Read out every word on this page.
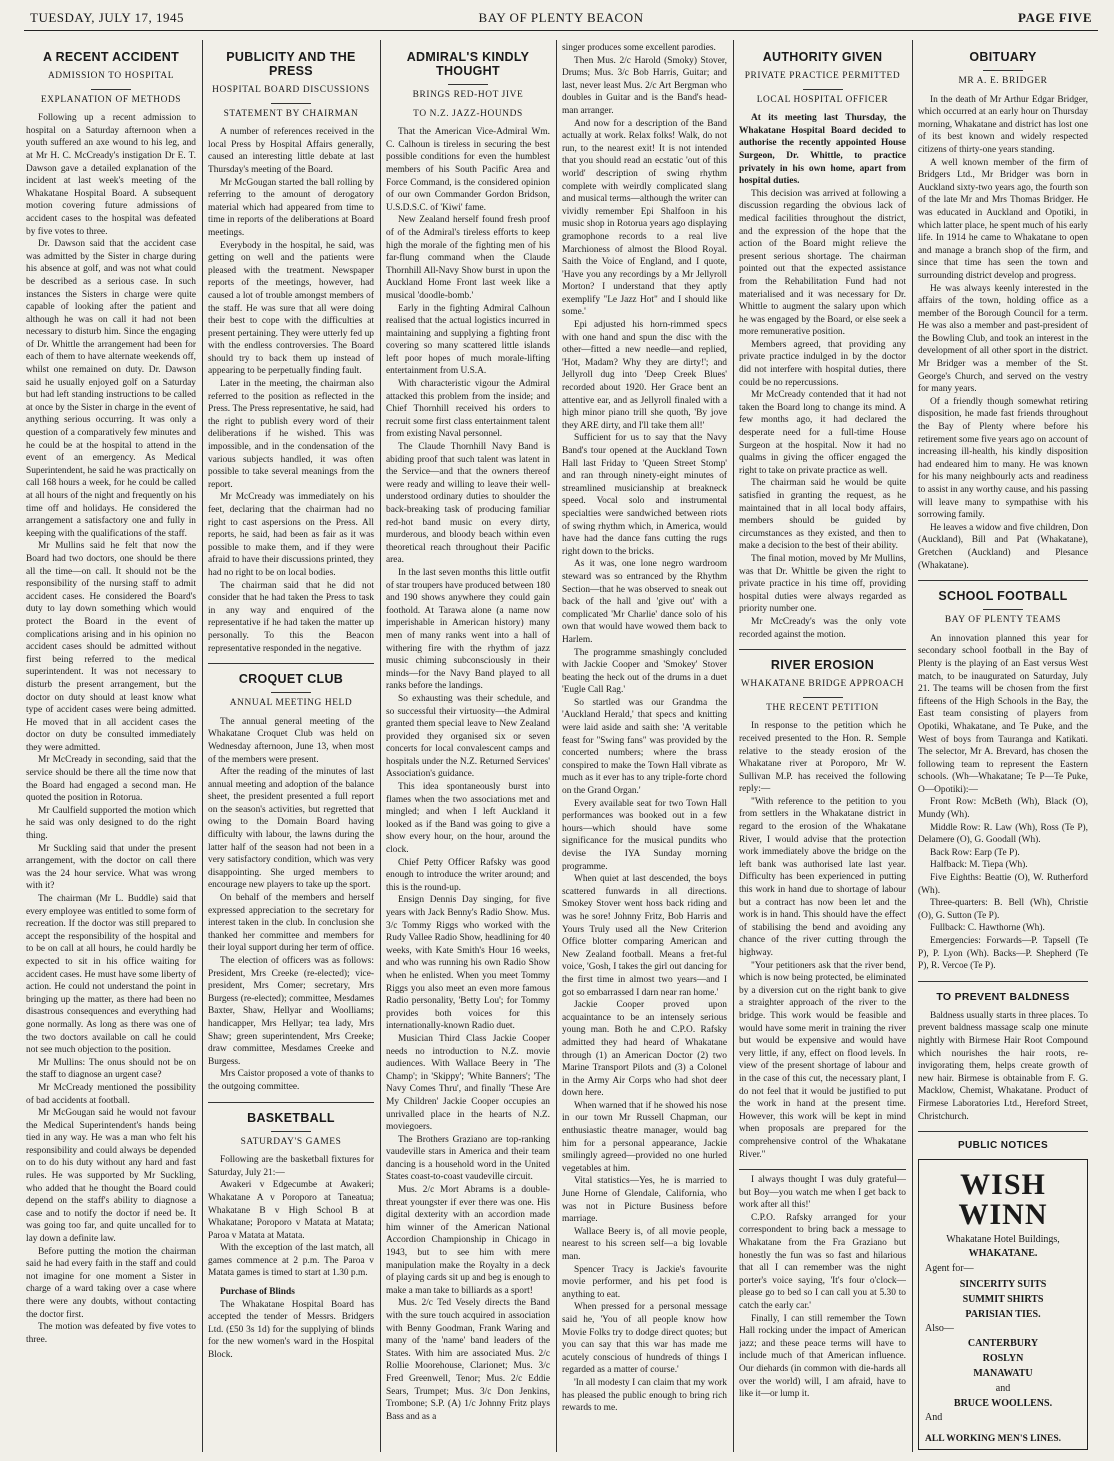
TUESDAY, JULY 17, 1945	BAY OF PLENTY BEACON	PAGE FIVE
A RECENT ACCIDENT
ADMISSION TO HOSPITAL
EXPLANATION OF METHODS

Following up a recent admission to hospital on a Saturday afternoon when a youth suffered an axe wound to his leg, and at Mr H. C. McCready's instigation Dr E. T. Dawson gave a detailed explanation of the incident at last week's meeting of the Whakatane Hospital Board. A subsequent motion covering future admissions of accident cases to the hospital was defeated by five votes to three.

Dr. Dawson said that the accident case was admitted by the Sister in charge during his absence at golf, and was not what could be described as a serious case. In such instances the Sisters in charge were quite capable of looking after the patient and although he was on call it had not been necessary to disturb him. Since the engaging of Dr. Whittle the arrangement had been for each of them to have alternate weekends off, whilst one remained on duty. Dr. Dawson said he usually enjoyed golf on a Saturday but had left standing instructions to be called at once by the Sister in charge in the event of anything serious occurring. It was only a question of a comparatively few minutes and he could be at the hospital to attend in the event of an emergency. As Medical Superintendent, he said he was practically on call 168 hours a week, for he could be called at all hours of the night and frequently on his time off and holidays. He considered the arrangement a satisfactory one and fully in keeping with the qualifications of the staff.

Mr Mullins said he felt that now the Board had two doctors, one should be there all the time—on call. It should not be the responsibility of the nursing staff to admit accident cases. He considered the Board's duty to lay down something which would protect the Board in the event of complications arising and in his opinion no accident cases should be admitted without first being referred to the medical superintendent. It was not necessary to disturb the present arrangement, but the doctor on duty should at least know what type of accident cases were being admitted. He moved that in all accident cases the doctor on duty be consulted immediately they were admitted.

Mr McCready in seconding, said that the service should be there all the time now that the Board had engaged a second man. He quoted the position in Rotorua.

Mr Caulfield supported the motion which he said was only designed to do the right thing.

Mr Suckling said that under the present arrangement, with the doctor on call there was the 24 hour service. What was wrong with it?

The chairman (Mr L. Buddle) said that every employee was entitled to some form of recreation. If the doctor was still prepared to accept the responsibility of the hospital and to be on call at all hours, he could hardly be expected to sit in his office waiting for accident cases. He must have some liberty of action. He could not understand the point in bringing up the matter, as there had been no disastrous consequences and everything had gone normally. As long as there was one of the two doctors available on call he could not see much objection to the position.

Mr Mullins: The onus should not be on the staff to diagnose an urgent case?

Mr McCready mentioned the possibility of bad accidents at football.

Mr McGougan said he would not favour the Medical Superintendent's hands being tied in any way. He was a man who felt his responsibility and could always be depended on to do his duty without any hard and fast rules. He was supported by Mr Suckling, who added that he thought the Board could depend on the staff's ability to diagnose a case and to notify the doctor if need be. It was going too far, and quite uncalled for to lay down a definite law.

Before putting the motion the chairman said he had every faith in the staff and could not imagine for one moment a Sister in charge of a ward taking over a case where there were any doubts, without contacting the doctor first.

The motion was defeated by five votes to three.

PUBLICITY AND THE PRESS
HOSPITAL BOARD DISCUSSIONS
STATEMENT BY CHAIRMAN

A number of references received in the local Press by Hospital Affairs generally, caused an interesting little debate at last Thursday's meeting of the Board.

Mr McGougan started the ball rolling by referring to the amount of derogatory material which had appeared from time to time in reports of the deliberations at Board meetings.

Everybody in the hospital, he said, was getting on well and the patients were pleased with the treatment. Newspaper reports of the meetings, however, had caused a lot of trouble amongst members of the staff. He was sure that all were doing their best to cope with the difficulties at present pertaining. They were utterly fed up with the endless controversies. The Board should try to back them up instead of appearing to be perpetually finding fault.

Later in the meeting, the chairman also referred to the position as reflected in the Press. The Press representative, he said, had the right to publish every word of their deliberations if he wished. This was impossible, and in the condensation of the various subjects handled, it was often possible to take several meanings from the report.

Mr McCready was immediately on his feet, declaring that the chairman had no right to cast aspersions on the Press. All reports, he said, had been as fair as it was possible to make them, and if they were afraid to have their discussions printed, they had no right to be on local bodies.

The chairman said that he did not consider that he had taken the Press to task in any way and enquired of the representative if he had taken the matter up personally. To this the Beacon representative responded in the negative.

CROQUET CLUB
ANNUAL MEETING HELD

The annual general meeting of the Whakatane Croquet Club was held on Wednesday afternoon, June 13, when most of the members were present.

After the reading of the minutes of last annual meeting and adoption of the balance sheet, the president presented a full report on the season's activities, but regretted that owing to the Domain Board having difficulty with labour, the lawns during the latter half of the season had not been in a very satisfactory condition, which was very disappointing. She urged members to encourage new players to take up the sport.

On behalf of the members and herself expressed appreciation to the secretary for interest taken in the club. In conclusion she thanked her committee and members for their loyal support during her term of office.

The election of officers was as follows: President, Mrs Creeke (re-elected); vice-president, Mrs Comer; secretary, Mrs Burgess (re-elected); committee, Mesdames Baxter, Shaw, Hellyar and Woolliams; handicapper, Mrs Hellyar; tea lady, Mrs Shaw; green superintendent, Mrs Creeke; draw committee, Mesdames Creeke and Burgess.

Mrs Caistor proposed a vote of thanks to the outgoing committee.

BASKETBALL
SATURDAY'S GAMES

Following are the basketball fixtures for Saturday, July 21:—

Awakeri v Edgecumbe at Awakeri; Whakatane A v Poroporo at Taneatua; Whakatane B v High School B at Whakatane; Poroporo v Matata at Matata; Paroa v Matata at Matata.

With the exception of the last match, all games commence at 2 p.m. The Paroa v Matata games is timed to start at 1.30 p.m.

Purchase of Blinds

The Whakatane Hospital Board has accepted the tender of Messrs. Bridgers Ltd. (£50 3s 1d) for the supplying of blinds for the new women's ward in the Hospital Block.

ADMIRAL'S KINDLY THOUGHT
BRINGS RED-HOT JIVE
TO N.Z. JAZZ-HOUNDS

That the American Vice-Admiral Wm. C. Calhoun is tireless in securing the best possible conditions for even the humblest members of his South Pacific Area and Force Command, is the considered opinion of our own Commander Gordon Bridson, U.S.D.S.C. of 'Kiwi' fame.

New Zealand herself found fresh proof of of the Admiral's tireless efforts to keep high the morale of the fighting men of his far-flung command when the Claude Thornhill All-Navy Show burst in upon the Auckland Home Front last week like a musical 'doodle-bomb.'

Early in the fighting Admiral Calhoun realised that the actual logistics incurred in maintaining and supplying a fighting front covering so many scattered little islands left poor hopes of much morale-lifting entertainment from U.S.A.

With characteristic vigour the Admiral attacked this problem from the inside; and Chief Thornhill received his orders to recruit some first class entertainment talent from existing Naval personnel.

The Claude Thornhill Navy Band is abiding proof that such talent was latent in the Service—and that the owners thereof were ready and willing to leave their well-understood ordinary duties to shoulder the back-breaking task of producing familiar red-hot band music on every dirty, murderous, and bloody beach within even theoretical reach throughout their Pacific area.

In the last seven months this little outfit of star troupers have produced between 180 and 190 shows anywhere they could gain foothold. At Tarawa alone (a name now imperishable in American history) many men of many ranks went into a hall of withering fire with the rhythm of jazz music chiming subconsciously in their minds—for the Navy Band played to all ranks before the landings.

So exhausting was their schedule, and so successful their virtuosity—the Admiral granted them special leave to New Zealand provided they organised six or seven concerts for local convalescent camps and hospitals under the N.Z. Returned Services' Association's guidance.

This idea spontaneously burst into flames when the two associations met and mingled; and when I left Auckland it looked as if the Band was going to give a show every hour, on the hour, around the clock.

Chief Petty Officer Rafsky was good enough to introduce the writer around; and this is the round-up.

Ensign Dennis Day singing, for five years with Jack Benny's Radio Show. Mus. 3/c Tommy Riggs who worked with the Rudy Vallee Radio Show, headlining for 40 weeks, with Kate Smith's Hour 16 weeks, and who was running his own Radio Show when he enlisted. When you meet Tommy Riggs you also meet an even more famous Radio personality, 'Betty Lou'; for Tommy provides both voices for this internationally-known Radio duet.

Musician Third Class Jackie Cooper needs no introduction to N.Z. movie audiences. With Wallace Beery in 'The Champ'; in 'Skippy'; 'White Banners'; 'The Navy Comes Thru', and finally 'These Are My Children' Jackie Cooper occupies an unrivalled place in the hearts of N.Z. moviegoers.

The Brothers Graziano are top-ranking vaudeville stars in America and their team dancing is a household word in the United States coast-to-coast vaudeville circuit.

Mus. 2/c Mort Abrams is a double-threat youngster if ever there was one. His digital dexterity with an accordion made him winner of the American National Accordion Championship in Chicago in 1943, but to see him with mere manipulation make the Royalty in a deck of playing cards sit up and beg is enough to make a man take to billiards as a sport!

Mus. 2/c Ted Vesely directs the Band with the sure touch acquired in association with Benny Goodman, Frank Waring and many of the 'name' band leaders of the States. With him are associated Mus. 2/c Rollie Moorehouse, Clarionet; Mus. 3/c Fred Greenwell, Tenor; Mus. 2/c Eddie Sears, Trumpet; Mus. 3/c Don Jenkins, Trombone; S.P. (A) 1/c Johnny Fritz plays Bass and as a

singer produces some excellent parodies.

Then Mus. 2/c Harold (Smoky) Stover, Drums; Mus. 3/c Bob Harris, Guitar; and last, never least Mus. 2/c Art Bergman who doubles in Guitar and is the Band's head-man arranger.

And now for a description of the Band actually at work. Relax folks! Walk, do not run, to the nearest exit! It is not intended that you should read an ecstatic 'out of this world' description of swing rhythm complete with weirdly complicated slang and musical terms—although the writer can vividly remember Epi Shalfoon in his music shop in Rotorua years ago displaying gramophone records to a real live Marchioness of almost the Blood Royal. Saith the Voice of England, and I quote, 'Have you any recordings by a Mr Jellyroll Morton? I understand that they aptly exemplify "Le Jazz Hot" and I should like some.'

Epi adjusted his horn-rimmed specs with one hand and spun the disc with the other—fitted a new needle—and replied, 'Hot, Madam? Why they are dirty!'; and Jellyroll dug into 'Deep Creek Blues' recorded about 1920. Her Grace bent an attentive ear, and as Jellyroll finaled with a high minor piano trill she quoth, 'By jove they ARE dirty, and I'll take them all!'

Sufficient for us to say that the Navy Band's tour opened at the Auckland Town Hall last Friday to 'Queen Street Stomp' and ran through ninety-eight minutes of streamlined musicianship at breakneck speed. Vocal solo and instrumental specialties were sandwiched between riots of swing rhythm which, in America, would have had the dance fans cutting the rugs right down to the bricks.

As it was, one lone negro wardroom steward was so entranced by the Rhythm Section—that he was observed to sneak out back of the hall and 'give out' with a complicated 'Mr Charlie' dance solo of his own that would have wowed them back to Harlem.

The programme smashingly concluded with Jackie Cooper and 'Smokey' Stover beating the heck out of the drums in a duet 'Eugle Call Rag.'

So startled was our Grandma the 'Auckland Herald,' that specs and knitting were laid aside and saith she: 'A veritable feast for "Swing fans" was provided by the concerted numbers; where the brass conspired to make the Town Hall vibrate as much as it ever has to any triple-forte chord on the Grand Organ.'

Every available seat for two Town Hall performances was booked out in a few hours—which should have some significance for the musical pundits who devise the IYA Sunday morning programme.

When quiet at last descended, the boys scattered funwards in all directions. Smokey Stover went hoss back riding and was he sore! Johnny Fritz, Bob Harris and Yours Truly used all the New Criterion Office blotter comparing American and New Zealand football. Means a fret-ful voice, 'Gosh, I takes the girl out dancing for the first time in almost two years—and I got so embarrassed I darn near ran home.'

Jackie Cooper proved upon acquaintance to be an intensely serious young man. Both he and C.P.O. Rafsky admitted they had heard of Whakatane through (1) an American Doctor (2) two Marine Transport Pilots and (3) a Colonel in the Army Air Corps who had shot deer down here.

When warned that if he showed his nose in our town Mr Russell Chapman, our enthusiastic theatre manager, would bag him for a personal appearance, Jackie smilingly agreed—provided no one hurled vegetables at him.

Vital statistics—Yes, he is married to June Horne of Glendale, California, who was not in Picture Business before marriage.

Wallace Beery is, of all movie people, nearest to his screen self—a big lovable man.

Spencer Tracy is Jackie's favourite movie performer, and his pet food is anything to eat.

When pressed for a personal message said he, 'You of all people know how Movie Folks try to dodge direct quotes; but you can say that this war has made me acutely conscious of hundreds of things I regarded as a matter of course.'

'In all modesty I can claim that my work has pleased the public enough to bring rich rewards to me.

AUTHORITY GIVEN
PRIVATE PRACTICE PERMITTED
LOCAL HOSPITAL OFFICER

At its meeting last Thursday, the Whakatane Hospital Board decided to authorise the recently appointed House Surgeon, Dr. Whittle, to practice privately in his own home, apart from hospital duties.

This decision was arrived at following a discussion regarding the obvious lack of medical facilities throughout the district, and the expression of the hope that the action of the Board might relieve the present serious shortage. The chairman pointed out that the expected assistance from the Rehabilitation Fund had not materialised and it was necessary for Dr. Whittle to augment the salary upon which he was engaged by the Board, or else seek a more remunerative position.

Members agreed, that providing any private practice indulged in by the doctor did not interfere with hospital duties, there could be no repercussions.

Mr McCready contended that it had not taken the Board long to change its mind. A few months ago, it had declared the desperate need for a full-time House Surgeon at the hospital. Now it had no qualms in giving the officer engaged the right to take on private practice as well.

The chairman said he would be quite satisfied in granting the request, as he maintained that in all local body affairs, members should be guided by circumstances as they existed, and then to make a decision to the best of their ability.

The final motion, moved by Mr Mullins, was that Dr. Whittle be given the right to private practice in his time off, providing hospital duties were always regarded as priority number one.

Mr McCready's was the only vote recorded against the motion.

RIVER EROSION
WHAKATANE BRIDGE APPROACH
THE RECENT PETITION

In response to the petition which he received presented to the Hon. R. Semple relative to the steady erosion of the Whakatane river at Poroporo, Mr W. Sullivan M.P. has received the following reply:—

"With reference to the petition to you from settlers in the Whakatane district in regard to the erosion of the Whakatane River, I would advise that the protection work immediately above the bridge on the left bank was authorised late last year. Difficulty has been experienced in putting this work in hand due to shortage of labour but a contract has now been let and the work is in hand. This should have the effect of stabilising the bend and avoiding any chance of the river cutting through the highway.

"Your petitioners ask that the river bend, which is now being protected, be eliminated by a diversion cut on the right bank to give a straighter approach of the river to the bridge. This work would be feasible and would have some merit in training the river but would be expensive and would have very little, if any, effect on flood levels. In view of the present shortage of labour and in the case of this cut, the necessary plant, I do not feel that it would be justified to put the work in hand at the present time. However, this work will be kept in mind when proposals are prepared for the comprehensive control of the Whakatane River."

I always thought I was duly grateful—but Boy—you watch me when I get back to work after all this!'

C.P.O. Rafsky arranged for your correspondent to bring back a message to Whakatane from the Fra Graziano but honestly the fun was so fast and hilarious that all I can remember was the night porter's voice saying, 'It's four o'clock—please go to bed so I can call you at 5.30 to catch the early car.'

Finally, I can still remember the Town Hall rocking under the impact of American jazz; and these peace terms will have to include much of that American influence. Our diehards (in common with die-hards all over the world) will, I am afraid, have to like it—or lump it.

OBITUARY
MR A. E. BRIDGER

In the death of Mr Arthur Edgar Bridger, which occurred at an early hour on Thursday morning, Whakatane and district has lost one of its best known and widely respected citizens of thirty-one years standing.

A well known member of the firm of Bridgers Ltd., Mr Bridger was born in Auckland sixty-two years ago, the fourth son of the late Mr and Mrs Thomas Bridger. He was educated in Auckland and Opotiki, in which latter place, he spent much of his early life. In 1914 he came to Whakatane to open and manage a branch shop of the firm, and since that time has seen the town and surrounding district develop and progress.

He was always keenly interested in the affairs of the town, holding office as a member of the Borough Council for a term. He was also a member and past-president of the Bowling Club, and took an interest in the development of all other sport in the district. Mr Bridger was a member of the St. George's Church, and served on the vestry for many years.

Of a friendly though somewhat retiring disposition, he made fast friends throughout the Bay of Plenty where before his retirement some five years ago on account of increasing ill-health, his kindly disposition had endeared him to many. He was known for his many neighbourly acts and readiness to assist in any worthy cause, and his passing will leave many to sympathise with his sorrowing family.

He leaves a widow and five children, Don (Auckland), Bill and Pat (Whakatane), Gretchen (Auckland) and Plesance (Whakatane).

SCHOOL FOOTBALL
BAY OF PLENTY TEAMS

An innovation planned this year for secondary school football in the Bay of Plenty is the playing of an East versus West match, to be inaugurated on Saturday, July 21. The teams will be chosen from the first fifteens of the High Schools in the Bay, the East team consisting of players from Opotiki, Whakatane, and Te Puke, and the West of boys from Tauranga and Katikati. The selector, Mr A. Brevard, has chosen the following team to represent the Eastern schools. (Wh—Whakatane; Te P—Te Puke, O—Opotiki):—

Front Row: McBeth (Wh), Black (O), Mundy (Wh).

Middle Row: R. Law (Wh), Ross (Te P), Delamere (O), G. Goodall (Wh).

Back Row: Earp (Te P).

Halfback: M. Tiepa (Wh).

Five Eighths: Beattie (O), W. Rutherford (Wh).

Three-quarters: B. Bell (Wh), Christie (O), G. Sutton (Te P).

Fullback: C. Hawthorne (Wh).

Emergencies: Forwards—P. Tapsell (Te P), P. Lyon (Wh). Backs—P. Shepherd (Te P), R. Vercoe (Te P).

TO PREVENT BALDNESS

Baldness usually starts in three places. To prevent baldness massage scalp one minute nightly with Birmese Hair Root Compound which nourishes the hair roots, re-invigorating them, helps create growth of new hair. Birmese is obtainable from F. G. Macklow, Chemist, Whakatane. Product of Firmese Laboratories Ltd., Hereford Street, Christchurch.

PUBLIC NOTICES
WISH WINN
Whakatane Hotel Buildings,
WHAKATANE.
Agent for—
SINCERITY SUITS
SUMMIT SHIRTS
PARISIAN TIES.
Also—
CANTERBURY
ROSLYN
MANAWATU
and
BRUCE WOOLLENS.
And
ALL WORKING MEN'S LINES.
